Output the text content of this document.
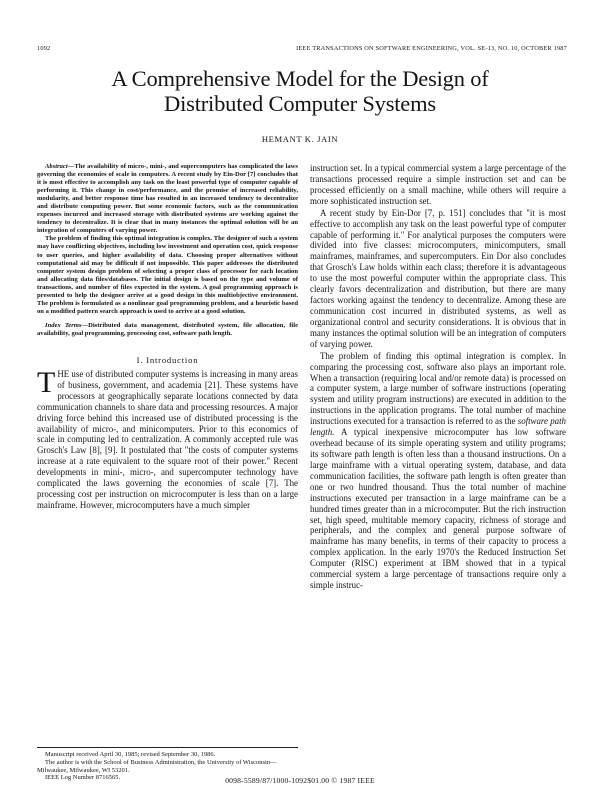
1092	IEEE TRANSACTIONS ON SOFTWARE ENGINEERING, VOL. SE-13, NO. 10, OCTOBER 1987
A Comprehensive Model for the Design of
Distributed Computer Systems
HEMANT K. JAIN

Abstract—The availability of micro-, mini-, and supercomputers has complicated the laws governing the economies of scale in computers. A recent study by Ein-Dor [7] concludes that it is most effective to accomplish any task on the least powerful type of computer capable of performing it. This change in cost/performance, and the promise of increased reliability, modularity, and better response time has resulted in an increased tendency to decentralize and distribute computing power. But some economic factors, such as the communication expenses incurred and increased storage with distributed systems are working against the tendency to decentralize. It is clear that in many instances the optimal solution will be an integration of computers of varying power.

The problem of finding this optimal integration is complex. The designer of such a system may have conflicting objectives, including low investment and operation cost, quick response to user queries, and higher availability of data. Choosing proper alternatives without computational aid may be difficult if not impossible. This paper addresses the distributed computer system design problem of selecting a proper class of processor for each location and allocating data files/databases. The initial design is based on the type and volume of transactions, and number of files expected in the system. A goal programming approach is presented to help the designer arrive at a good design in this multiobjective environment. The problem is formulated as a nonlinear goal programming problem, and a heuristic based on a modified pattern search approach is used to arrive at a good solution.

Index Terms—Distributed data management, distributed system, file allocation, file availability, goal programming, processing cost, software path length.

I. Introduction

THE use of distributed computer systems is increasing in many areas of business, government, and academia [21]. These systems have processors at geographically separate locations connected by data communication channels to share data and processing resources. A major driving force behind this increased use of distributed processing is the availability of micro-, and minicomputers. Prior to this economics of scale in computing led to centralization. A commonly accepted rule was Grosch's Law [8], [9]. It postulated that "the costs of computer systems increase at a rate equivalent to the square root of their power." Recent developments in mini-, micro-, and supercomputer technology have complicated the laws governing the economies of scale [7]. The processing cost per instruction on microcomputer is less than on a large mainframe. However, microcomputers have a much simpler

Manuscript received April 30, 1985; revised September 30, 1986.

The author is with the School of Business Administration, the University of Wisconsin—Milwaukee, Milwaukee, WI 53201.

IEEE Log Number 8716565.

instruction set. In a typical commercial system a large percentage of the transactions processed require a simple instruction set and can be processed efficiently on a small machine, while others will require a more sophisticated instruction set.

A recent study by Ein-Dor [7, p. 151] concludes that "it is most effective to accomplish any task on the least powerful type of computer capable of performing it." For analytical purposes the computers were divided into five classes: microcomputers, minicomputers, small mainframes, mainframes, and supercomputers. Ein Dor also concludes that Grosch's Law holds within each class; therefore it is advantageous to use the most powerful computer within the appropriate class. This clearly favors decentralization and distribution, but there are many factors working against the tendency to decentralize. Among these are communication cost incurred in distributed systems, as well as organizational control and security considerations. It is obvious that in many instances the optimal solution will be an integration of computers of varying power.

The problem of finding this optimal integration is complex. In comparing the processing cost, software also plays an important role. When a transaction (requiring local and/or remote data) is processed on a computer system, a large number of software instructions (operating system and utility program instructions) are executed in addition to the instructions in the application programs. The total number of machine instructions executed for a transaction is referred to as the software path length. A typical inexpensive microcomputer has low software overhead because of its simple operating system and utility programs; its software path length is often less than a thousand instructions. On a large mainframe with a virtual operating system, database, and data communication facilities, the software path length is often greater than one or two hundred thousand. Thus the total number of machine instructions executed per transaction in a large mainframe can be a hundred times greater than in a microcomputer. But the rich instruction set, high speed, multitable memory capacity, richness of storage and peripherals, and the complex and general purpose software of mainframe has many benefits, in terms of their capacity to process a complex application. In the early 1970's the Reduced Instruction Set Computer (RISC) experiment at IBM showed that in a typical commercial system a large percentage of transactions require only a simple instruc-

0098-5589/87/1000-1092$01.00 © 1987 IEEE
